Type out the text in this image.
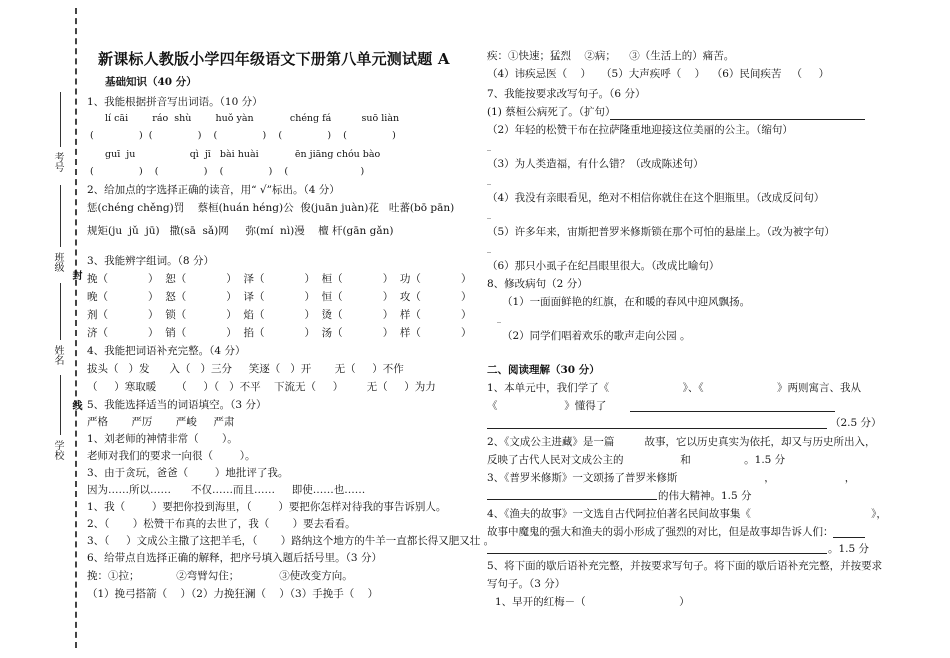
考号
班级
封
姓名
线
学校
新课标人教版小学四年级语文下册第八单元测试题 A
基础知识（40 分）
1、我能根据拼音写出词语。（10 分）
lí cāi        ráo  shù        huǒ yàn            chéng fá          suō liàn
(               )  (               )    (               )    (               )    (               )
guī  ju                  qì  jī   bài huài            ēn jiāng chóu bào
(               )    (               )    (               )    (                        )
2、给加点的字选择正确的读音，用“ √”标出。（4 分）
惩(chéng chěng)罚    蔡桓(huán héng)公  俊(juān juàn)花   吐蕃(bō pān)
规矩(ju  jǔ  jū)   撒(sā  sǎ)网     弥(mí  nì)漫    檀 杆(gān gǎn)
3、我能辨字组词。（8 分）
挽（            ）  恕（            ）  泽（            ）  桓（            ）  功（            ）
晚（            ）  怒（            ）  译（            ）  恒（            ）  攻（            ）
剂（            ）  锁（            ）  焰（            ）  烫（            ）  样（            ）
济（            ）  销（            ）  掐（            ）  汤（            ）  样（            ）
4、我能把词语补充完整。（4 分）
拔头（   ）发      入（   ）三分     笑逐（   ）开       无（     ）不作
（     ）寒取暖      （     ）（   ）不平    下流无（     ）       无（     ）为力
5、我能选择适当的词语填空。（3 分）
严格       严厉       严峻     严肃
1、刘老师的神情非常（       ）。
老师对我们的要求一向很（        ）。
3、由于贪玩，爸爸（        ）地批评了我。
因为……所以……      不仅……而且……     即使……也……
1、我（        ）要把你投到海里，（        ）要把你怎样对待我的事告诉别人。
2、（       ）松赞干布真的去世了，我（       ）要去看看。
3、（     ）文成公主撒了这把羊毛，（       ）路纳这个地方的牛羊一直都长得又肥又壮 。
6、给带点自选择正确的解释，把序号填入题后括号里。（3 分）
挽：①拉；           ②弯臂勾住；            ③使改变方向。
（1）挽弓搭箭（    ）（2）力挽狂澜（    ）（3）手挽手（    ）
疾：①快速；猛烈    ②病；    ③（生活上的）痛苦。
（4）讳疾忌医（    ）   （5）大声疾呼（    ）  （6）民间疾苦   （     ）
7、我能按要求改写句子。（6 分）
(1) 蔡桓公病死了。（扩句）
（2）年轻的松赞干布在拉萨隆重地迎接这位美丽的公主。（缩句）
_
（3）为人类造福，有什么错？（改成陈述句）
_
（4）我没有亲眼看见，绝对不相信你就住在这个胆瓶里。（改成反问句）
_
（5）许多年来，宙斯把普罗米修斯锁在那个可怕的悬崖上。（改为被字句）
_
（6）那只小虱子在纪昌眼里很大。（改成比喻句）
8、修改病句（2 分）
（1）一面面鲜艳的红旗，在和暖的春风中迎风飘扬。
_
（2）同学们唱着欢乐的歌声走向公园 。
二、阅读理解（30 分）
1、本单元中，我们学了《                      》、《                      》两则寓言、我从
《                    》懂得了
（2.5 分）
2、《文成公主进藏》是一篇         故事，它以历史真实为依托，却又与历史所出入，
反映了古代人民对文成公主的                 和                。1.5 分
3、《普罗米修斯》一文颂扬了普罗米修斯                          ，                     ，
的伟大精神。1.5 分
4、《渔夫的故事》一文选自古代阿拉伯著名民间故事集《                                    》，
故事中魔鬼的强大和渔夫的弱小形成了强烈的对比，但是故事却告诉人们：
。1.5 分
5、将下面的歇后语补充完整，并按要求写句子。将下面的歇后语补充完整，并按要求
写句子。（3 分）
1、早开的红梅－（                            ）
